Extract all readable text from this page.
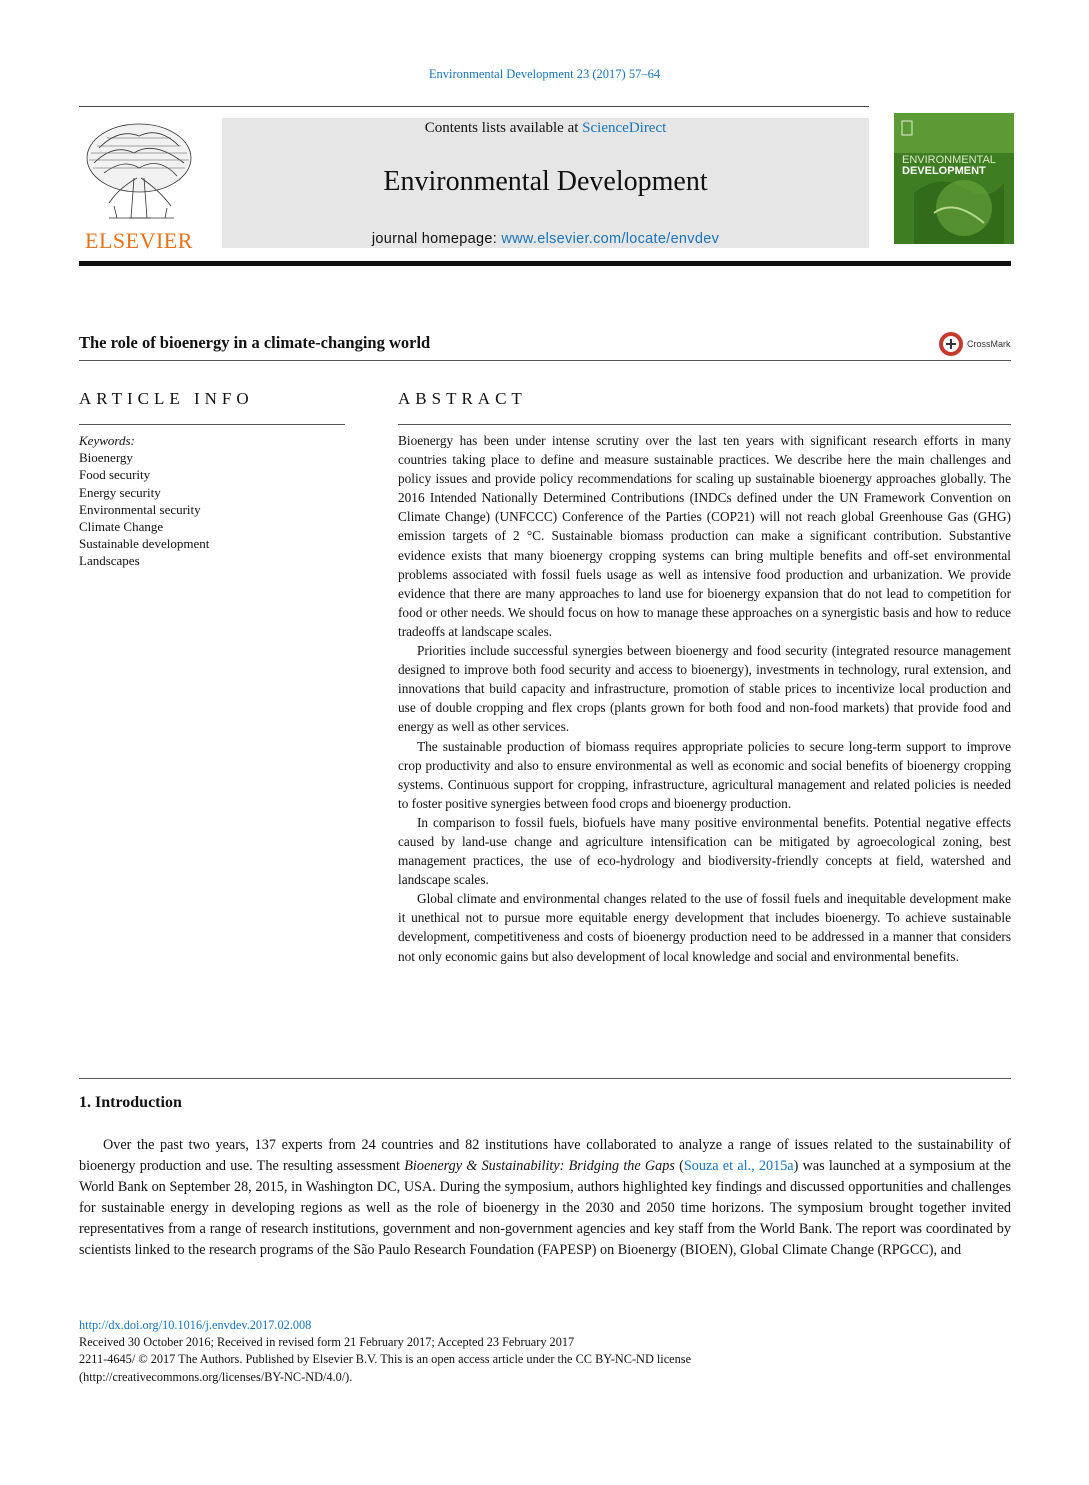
Environmental Development 23 (2017) 57–64
ELSEVIER
Contents lists available at ScienceDirect
Environmental Development
journal homepage: www.elsevier.com/locate/envdev
ENVIRONMENTAL
DEVELOPMENT
The role of bioenergy in a climate-changing world	CrossMark
ARTICLE INFO	ABSTRACT
Keywords:
Bioenergy
Food security
Energy security
Environmental security
Climate Change
Sustainable development
Landscapes

Bioenergy has been under intense scrutiny over the last ten years with significant research efforts in many countries taking place to define and measure sustainable practices. We describe here the main challenges and policy issues and provide policy recommendations for scaling up sustainable bioenergy approaches globally. The 2016 Intended Nationally Determined Contributions (INDCs defined under the UN Framework Convention on Climate Change) (UNFCCC) Conference of the Parties (COP21) will not reach global Greenhouse Gas (GHG) emission targets of 2 °C. Sustainable biomass production can make a significant contribution. Substantive evidence exists that many bioenergy cropping systems can bring multiple benefits and off-set environmental problems associated with fossil fuels usage as well as intensive food production and urbanization. We provide evidence that there are many approaches to land use for bioenergy expansion that do not lead to competition for food or other needs. We should focus on how to manage these approaches on a synergistic basis and how to reduce tradeoffs at landscape scales.

Priorities include successful synergies between bioenergy and food security (integrated resource management designed to improve both food security and access to bioenergy), investments in technology, rural extension, and innovations that build capacity and infrastructure, promotion of stable prices to incentivize local production and use of double cropping and flex crops (plants grown for both food and non-food markets) that provide food and energy as well as other services.

The sustainable production of biomass requires appropriate policies to secure long-term support to improve crop productivity and also to ensure environmental as well as economic and social benefits of bioenergy cropping systems. Continuous support for cropping, infrastructure, agricultural management and related policies is needed to foster positive synergies between food crops and bioenergy production.

In comparison to fossil fuels, biofuels have many positive environmental benefits. Potential negative effects caused by land-use change and agriculture intensification can be mitigated by agroecological zoning, best management practices, the use of eco-hydrology and biodiversity-friendly concepts at field, watershed and landscape scales.

Global climate and environmental changes related to the use of fossil fuels and inequitable development make it unethical not to pursue more equitable energy development that includes bioenergy. To achieve sustainable development, competitiveness and costs of bioenergy production need to be addressed in a manner that considers not only economic gains but also development of local knowledge and social and environmental benefits.

1. Introduction

Over the past two years, 137 experts from 24 countries and 82 institutions have collaborated to analyze a range of issues related to the sustainability of bioenergy production and use. The resulting assessment Bioenergy & Sustainability: Bridging the Gaps (Souza et al., 2015a) was launched at a symposium at the World Bank on September 28, 2015, in Washington DC, USA. During the symposium, authors highlighted key findings and discussed opportunities and challenges for sustainable energy in developing regions as well as the role of bioenergy in the 2030 and 2050 time horizons. The symposium brought together invited representatives from a range of research institutions, government and non-government agencies and key staff from the World Bank. The report was coordinated by scientists linked to the research programs of the São Paulo Research Foundation (FAPESP) on Bioenergy (BIOEN), Global Climate Change (RPGCC), and

http://dx.doi.org/10.1016/j.envdev.2017.02.008
Received 30 October 2016; Received in revised form 21 February 2017; Accepted 23 February 2017
2211-4645/ © 2017 The Authors. Published by Elsevier B.V. This is an open access article under the CC BY-NC-ND license
(http://creativecommons.org/licenses/BY-NC-ND/4.0/).
